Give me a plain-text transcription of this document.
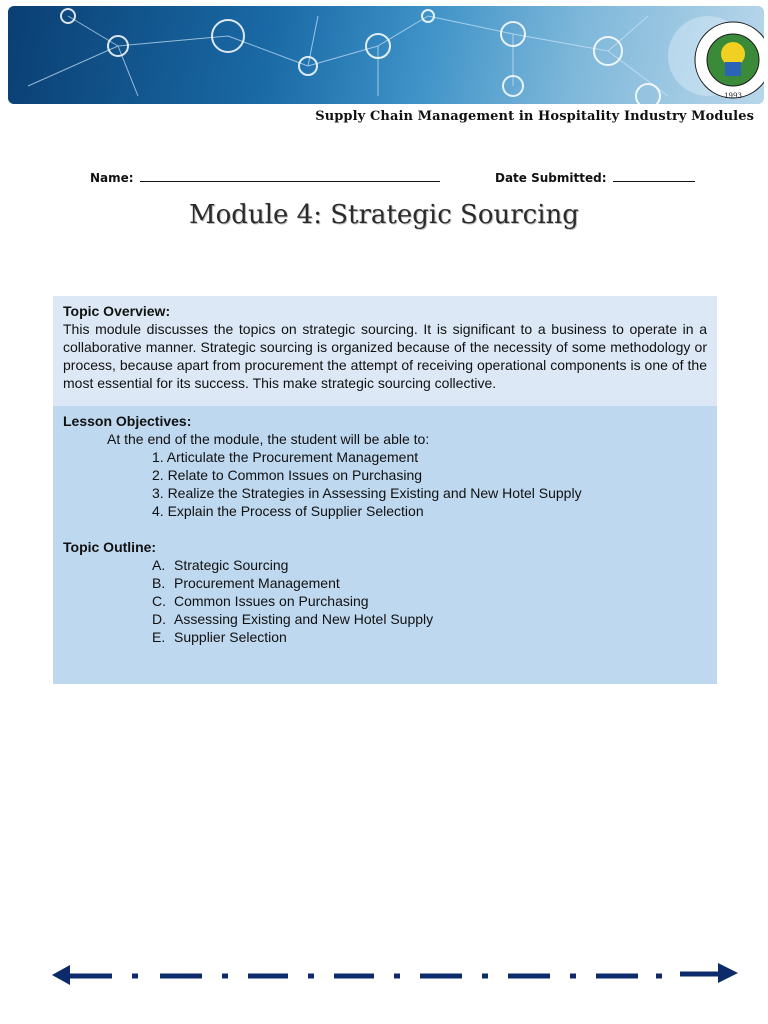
1993
Supply Chain Management in Hospitality Industry Modules
Name:	Date Submitted:
Module 4: Strategic Sourcing
Topic Overview:
This module discusses the topics on strategic sourcing. It is significant to a business to operate in a collaborative manner. Strategic sourcing is organized because of the necessity of some methodology or process, because apart from procurement the attempt of receiving operational components is one of the most essential for its success. This make strategic sourcing collective.
Lesson Objectives:
At the end of the module, the student will be able to:
1. Articulate the Procurement Management
2. Relate to Common Issues on Purchasing
3. Realize the Strategies in Assessing Existing and New Hotel Supply
4. Explain the Process of Supplier Selection
Topic Outline:
A. Strategic Sourcing
B. Procurement Management
C. Common Issues on Purchasing
D. Assessing Existing and New Hotel Supply
E. Supplier Selection
